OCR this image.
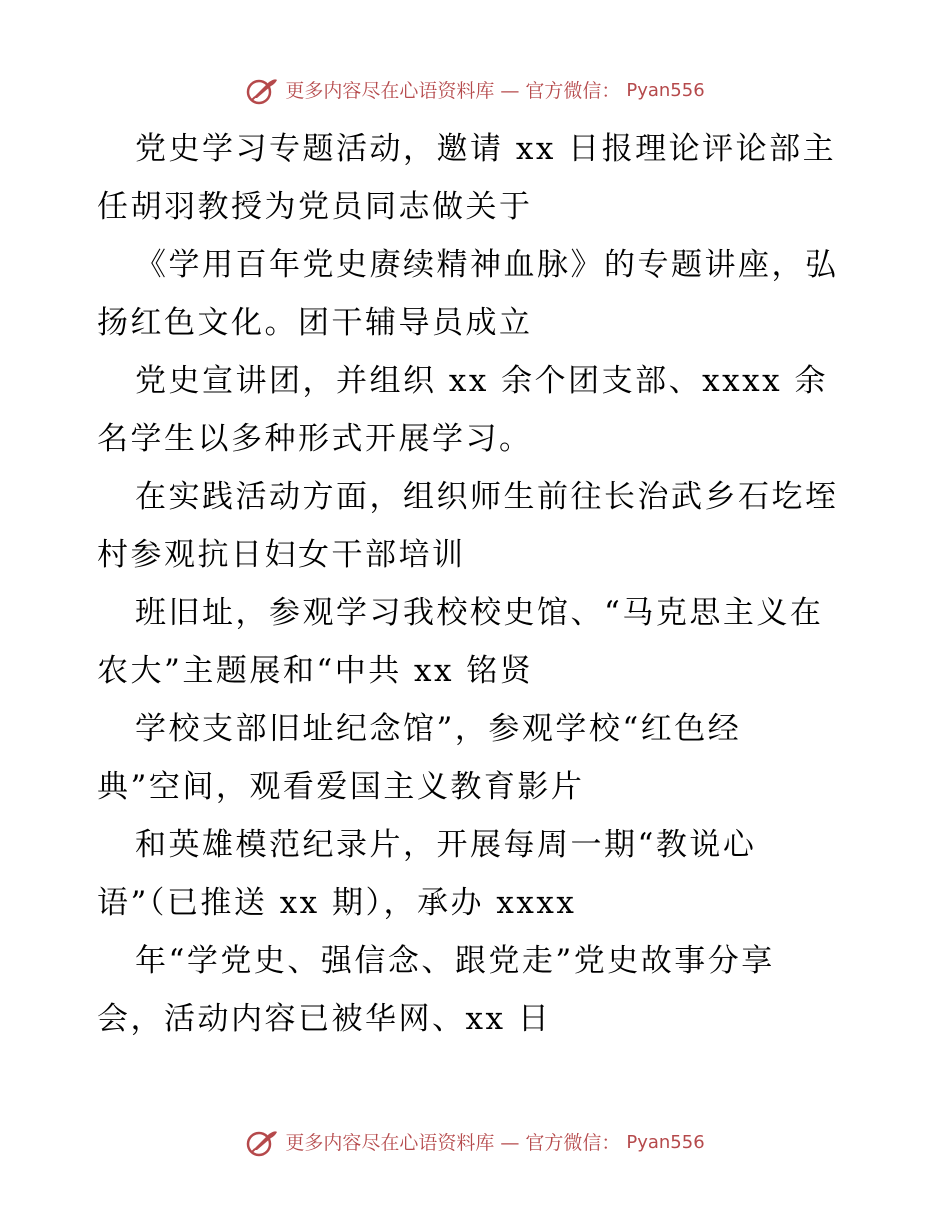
更多内容尽在心语资料库 — 官方微信： Pyan556

党史学习专题活动，邀请 xx 日报理论评论部主

任胡羽教授为党员同志做关于

《学用百年党史赓续精神血脉》的专题讲座，弘

扬红色文化。团干辅导员成立

党史宣讲团，并组织 xx 余个团支部、xxxx 余

名学生以多种形式开展学习。

在实践活动方面，组织师生前往长治武乡石圪垤

村参观抗日妇女干部培训

班旧址，参观学习我校校史馆、“马克思主义在

农大”主题展和“中共 xx 铭贤

学校支部旧址纪念馆”，参观学校“红色经

典”空间，观看爱国主义教育影片

和英雄模范纪录片，开展每周一期“教说心

语”（已推送 xx 期），承办 xxxx

年“学党史、强信念、跟党走”党史故事分享

会，活动内容已被华网、xx 日

更多内容尽在心语资料库 — 官方微信： Pyan556
